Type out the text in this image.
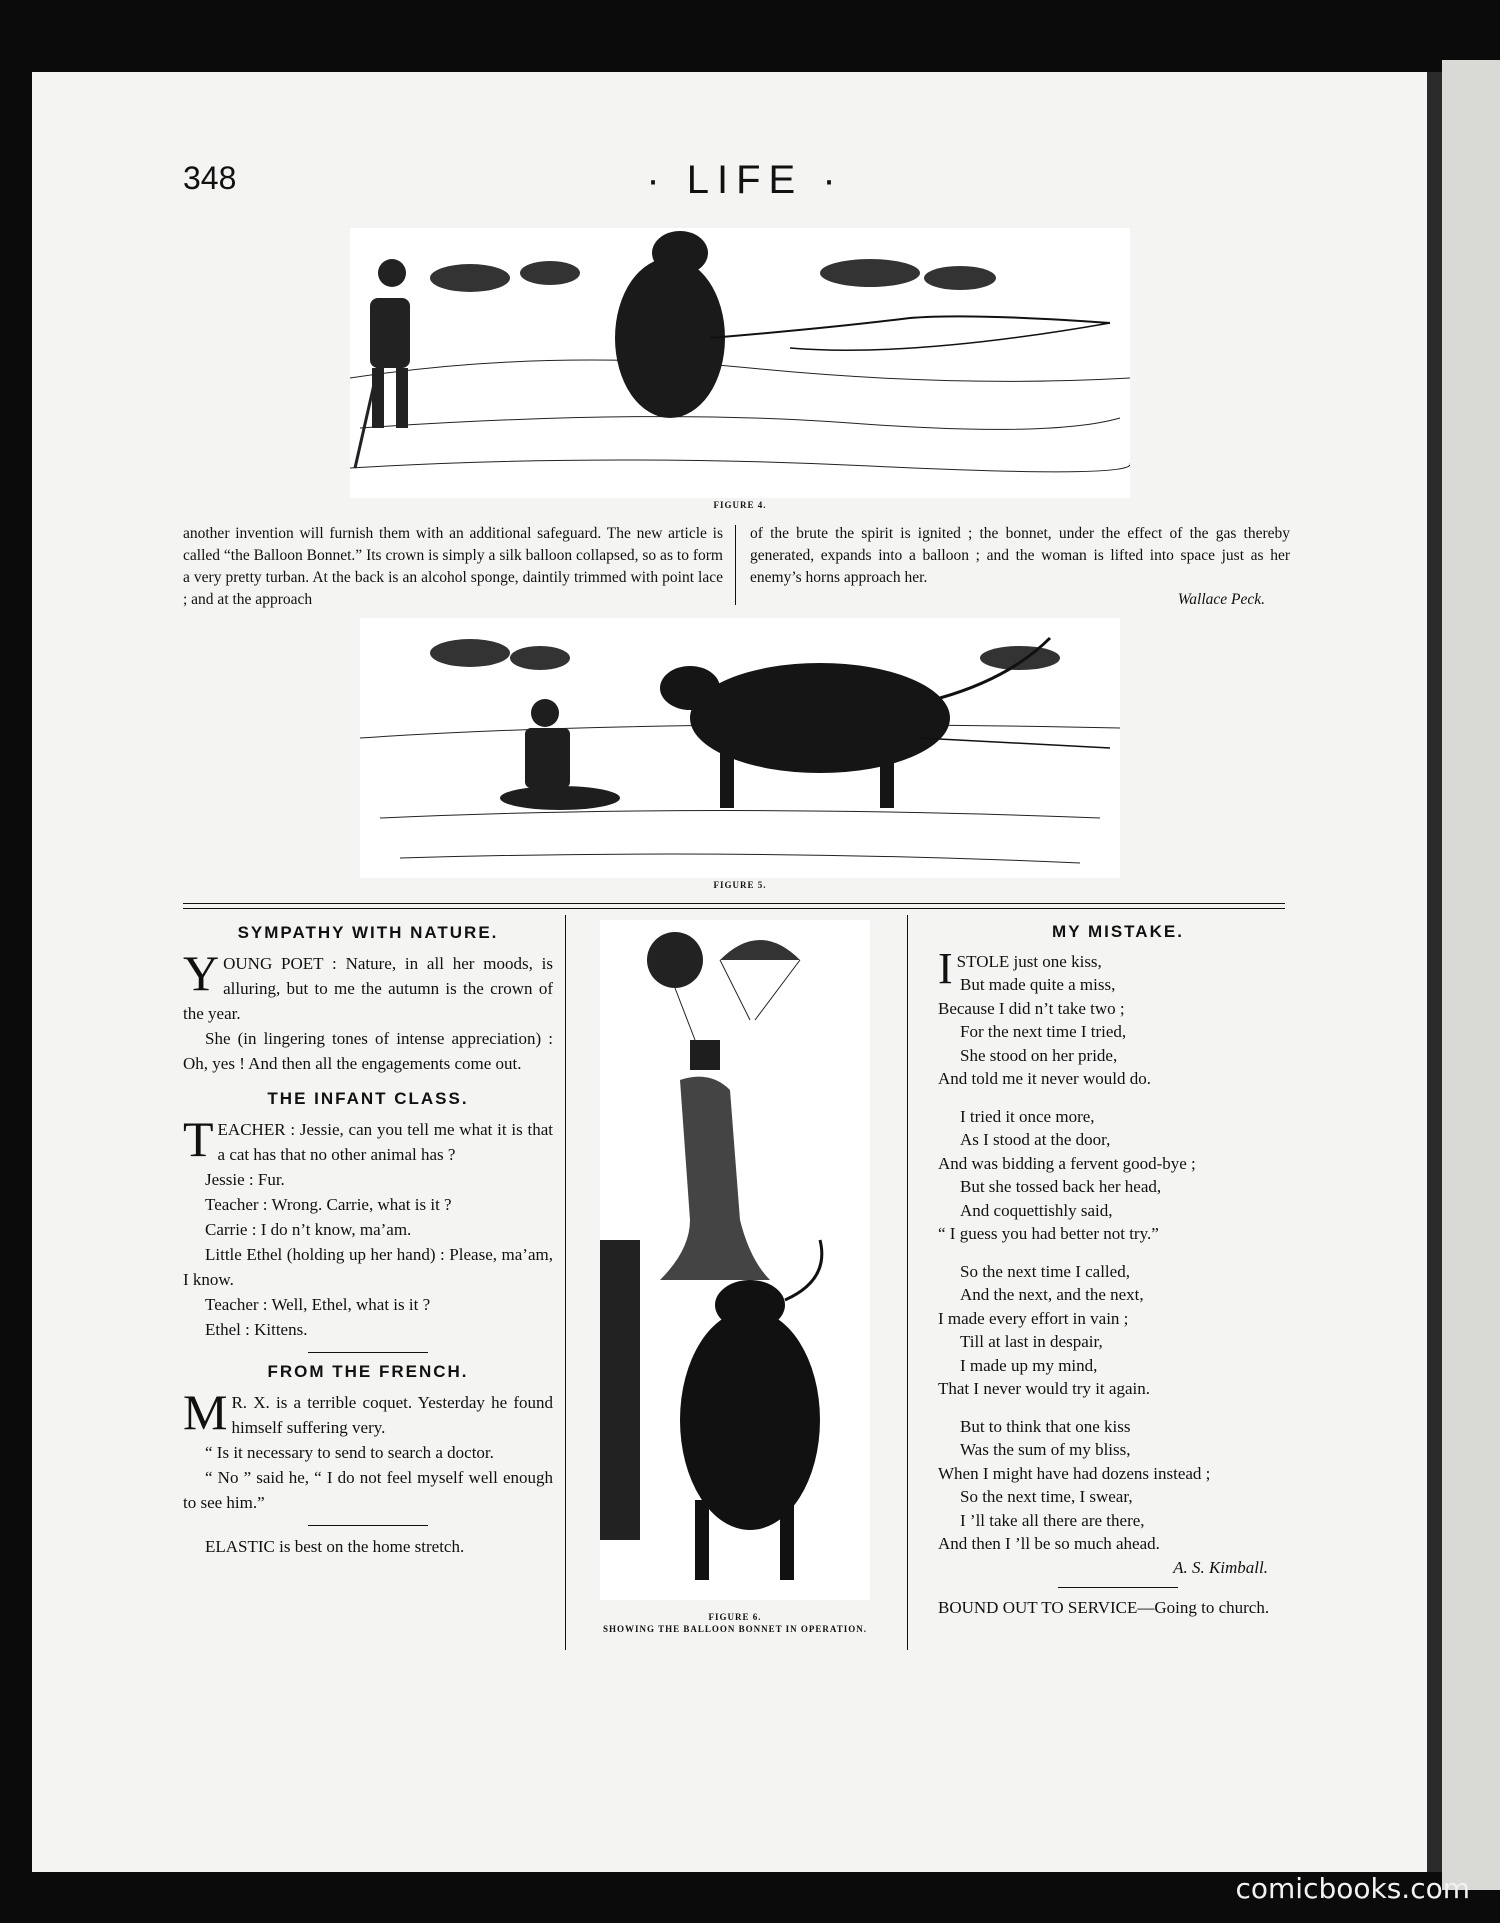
348	· LIFE ·
FIGURE 4.

another invention will furnish them with an additional safeguard. The new article is called “the Balloon Bonnet.” Its crown is simply a silk balloon collapsed, so as to form a very pretty turban. At the back is an alcohol sponge, daintily trimmed with point lace ; and at the approach

of the brute the spirit is ignited ; the bonnet, under the effect of the gas thereby generated, expands into a balloon ; and the woman is lifted into space just as her enemy’s horns approach her.

Wallace Peck.

FIGURE 5.
SYMPATHY WITH NATURE.

YOUNG POET : Nature, in all her moods, is alluring, but to me the autumn is the crown of the year.

She (in lingering tones of intense appreciation) : Oh, yes ! And then all the engagements come out.

THE INFANT CLASS.

TEACHER : Jessie, can you tell me what it is that a cat has that no other animal has ?

Jessie : Fur.

Teacher : Wrong. Carrie, what is it ?

Carrie : I do n’t know, ma’am.

Little Ethel (holding up her hand) : Please, ma’am, I know.

Teacher : Well, Ethel, what is it ?

Ethel : Kittens.

FROM THE FRENCH.

M R. X. is a terrible coquet. Yesterday he found himself suffering very.

“ Is it necessary to send to search a doctor.

“ No ” said he, “ I do not feel myself well enough to see him.”

ELASTIC is best on the home stretch.

FIGURE 6.
SHOWING THE BALLOON BONNET IN OPERATION.
MY MISTAKE.
I STOLE just one kiss,

But made quite a miss,

Because I did n’t take two ;

For the next time I tried,

She stood on her pride,

And told me it never would do.

I tried it once more,

As I stood at the door,

And was bidding a fervent good-bye ;

But she tossed back her head,

And coquettishly said,

“ I guess you had better not try.”

So the next time I called,

And the next, and the next,

I made every effort in vain ;

Till at last in despair,

I made up my mind,

That I never would try it again.

But to think that one kiss

Was the sum of my bliss,

When I might have had dozens instead ;

So the next time, I swear,

I ’ll take all there are there,

And then I ’ll be so much ahead.

A. S. Kimball.

BOUND OUT TO SERVICE—Going to church.

comicbooks.com
